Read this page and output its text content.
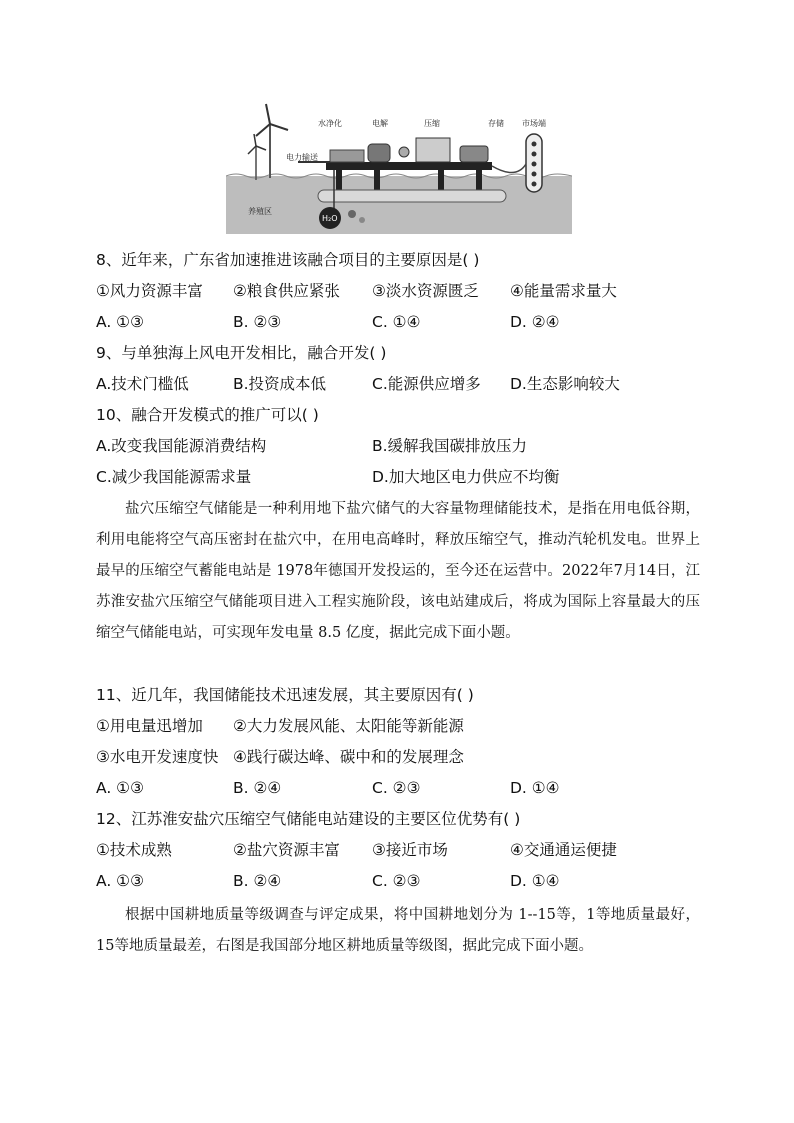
水净化	电解	压缩	存储 市场端
电力输送
养殖区
H₂O
8、近年来，广东省加速推进该融合项目的主要原因是( )
①风力资源丰富 ②粮食供应紧张 ③淡水资源匮乏 ④能量需求量大
A. ①③	B. ②③	C. ①④	D. ②④
9、与单独海上风电开发相比，融合开发( )
A.技术门槛低	B.投资成本低	C.能源供应增多 D.生态影响较大
10、融合开发模式的推广可以( )
A.改变我国能源消费结构	B.缓解我国碳排放压力
C.减少我国能源需求量	D.加大地区电力供应不均衡

盐穴压缩空气储能是一种利用地下盐穴储气的大容量物理储能技术，是指在用电低谷期，利用电能将空气高压密封在盐穴中，在用电高峰时，释放压缩空气，推动汽轮机发电。世界上最早的压缩空气蓄能电站是 1978年德国开发投运的，至今还在运营中。2022年7月14日，江苏淮安盐穴压缩空气储能项目进入工程实施阶段，该电站建成后，将成为国际上容量最大的压缩空气储能电站，可实现年发电量 8.5 亿度，据此完成下面小题。

11、近几年，我国储能技术迅速发展，其主要原因有( )
①用电量迅增加 ②大力发展风能、太阳能等新能源
③水电开发速度快 ④践行碳达峰、碳中和的发展理念
A. ①③	B. ②④	C. ②③	D. ①④
12、江苏淮安盐穴压缩空气储能电站建设的主要区位优势有( )
①技术成熟	②盐穴资源丰富 ③接近市场	④交通通运便捷
A. ①③	B. ②④	C. ②③	D. ①④

根据中国耕地质量等级调查与评定成果，将中国耕地划分为 1--15等，1等地质量最好，15等地质量最差，右图是我国部分地区耕地质量等级图，据此完成下面小题。
